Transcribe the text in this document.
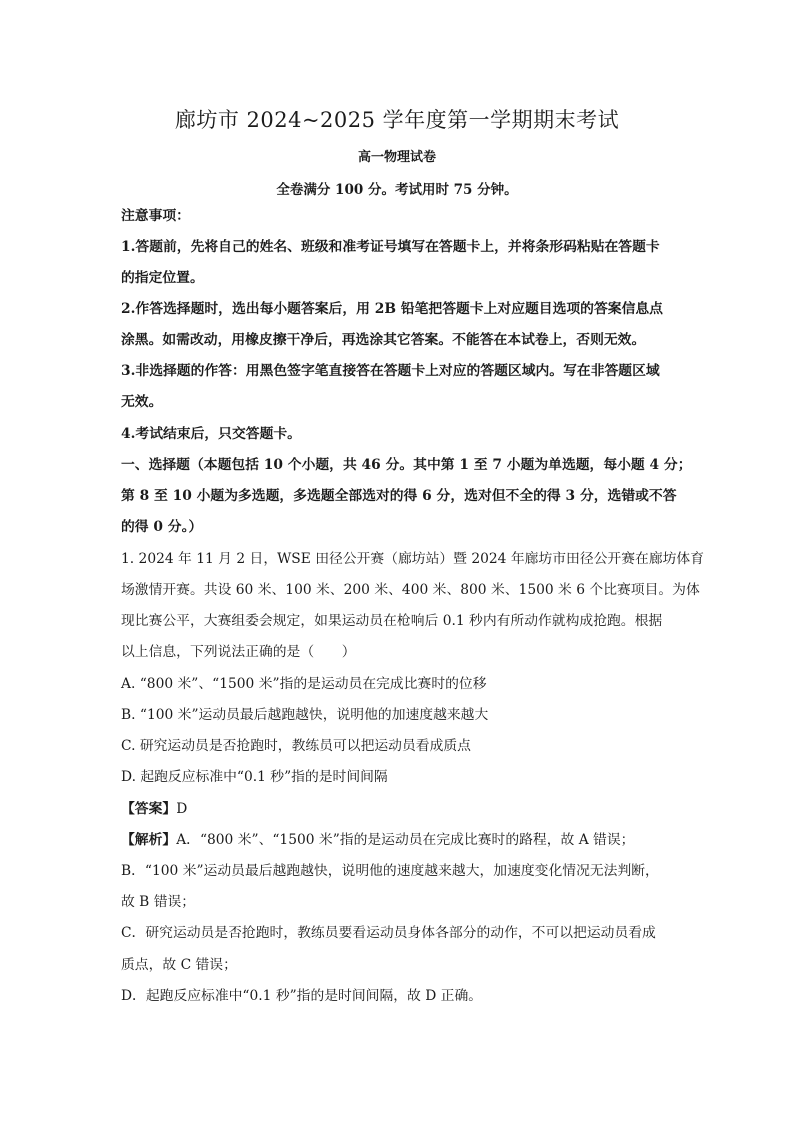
廊坊市 2024~2025 学年度第一学期期末考试
高一物理试卷
全卷满分 100 分。考试用时 75 分钟。
注意事项：
1.答题前，先将自己的姓名、班级和准考证号填写在答题卡上，并将条形码粘贴在答题卡
的指定位置。
2.作答选择题时，选出每小题答案后，用 2B 铅笔把答题卡上对应题目选项的答案信息点
涂黑。如需改动，用橡皮擦干净后，再选涂其它答案。不能答在本试卷上，否则无效。
3.非选择题的作答：用黑色签字笔直接答在答题卡上对应的答题区域内。写在非答题区域
无效。
4.考试结束后，只交答题卡。
一、选择题（本题包括 10 个小题，共 46 分。其中第 1 至 7 小题为单选题，每小题 4 分；
第 8 至 10 小题为多选题，多选题全部选对的得 6 分，选对但不全的得 3 分，选错或不答
的得 0 分。）
1. 2024 年 11 月 2 日，WSE 田径公开赛（廊坊站）暨 2024 年廊坊市田径公开赛在廊坊体育
场激情开赛。共设 60 米、100 米、200 米、400 米、800 米、1500 米 6 个比赛项目。为体
现比赛公平，大赛组委会规定，如果运动员在枪响后 0.1 秒内有所动作就构成抢跑。根据
以上信息，下列说法正确的是（　　）
A. “800 米”、“1500 米”指的是运动员在完成比赛时的位移
B. “100 米”运动员最后越跑越快，说明他的加速度越来越大
C. 研究运动员是否抢跑时，教练员可以把运动员看成质点
D. 起跑反应标准中“0.1 秒”指的是时间间隔
【答案】D
【解析】A．“800 米”、“1500 米”指的是运动员在完成比赛时的路程，故 A 错误；
B．“100 米”运动员最后越跑越快，说明他的速度越来越大，加速度变化情况无法判断，
故 B 错误；
C．研究运动员是否抢跑时，教练员要看运动员身体各部分的动作，不可以把运动员看成
质点，故 C 错误；
D．起跑反应标准中“0.1 秒”指的是时间间隔，故 D 正确。
